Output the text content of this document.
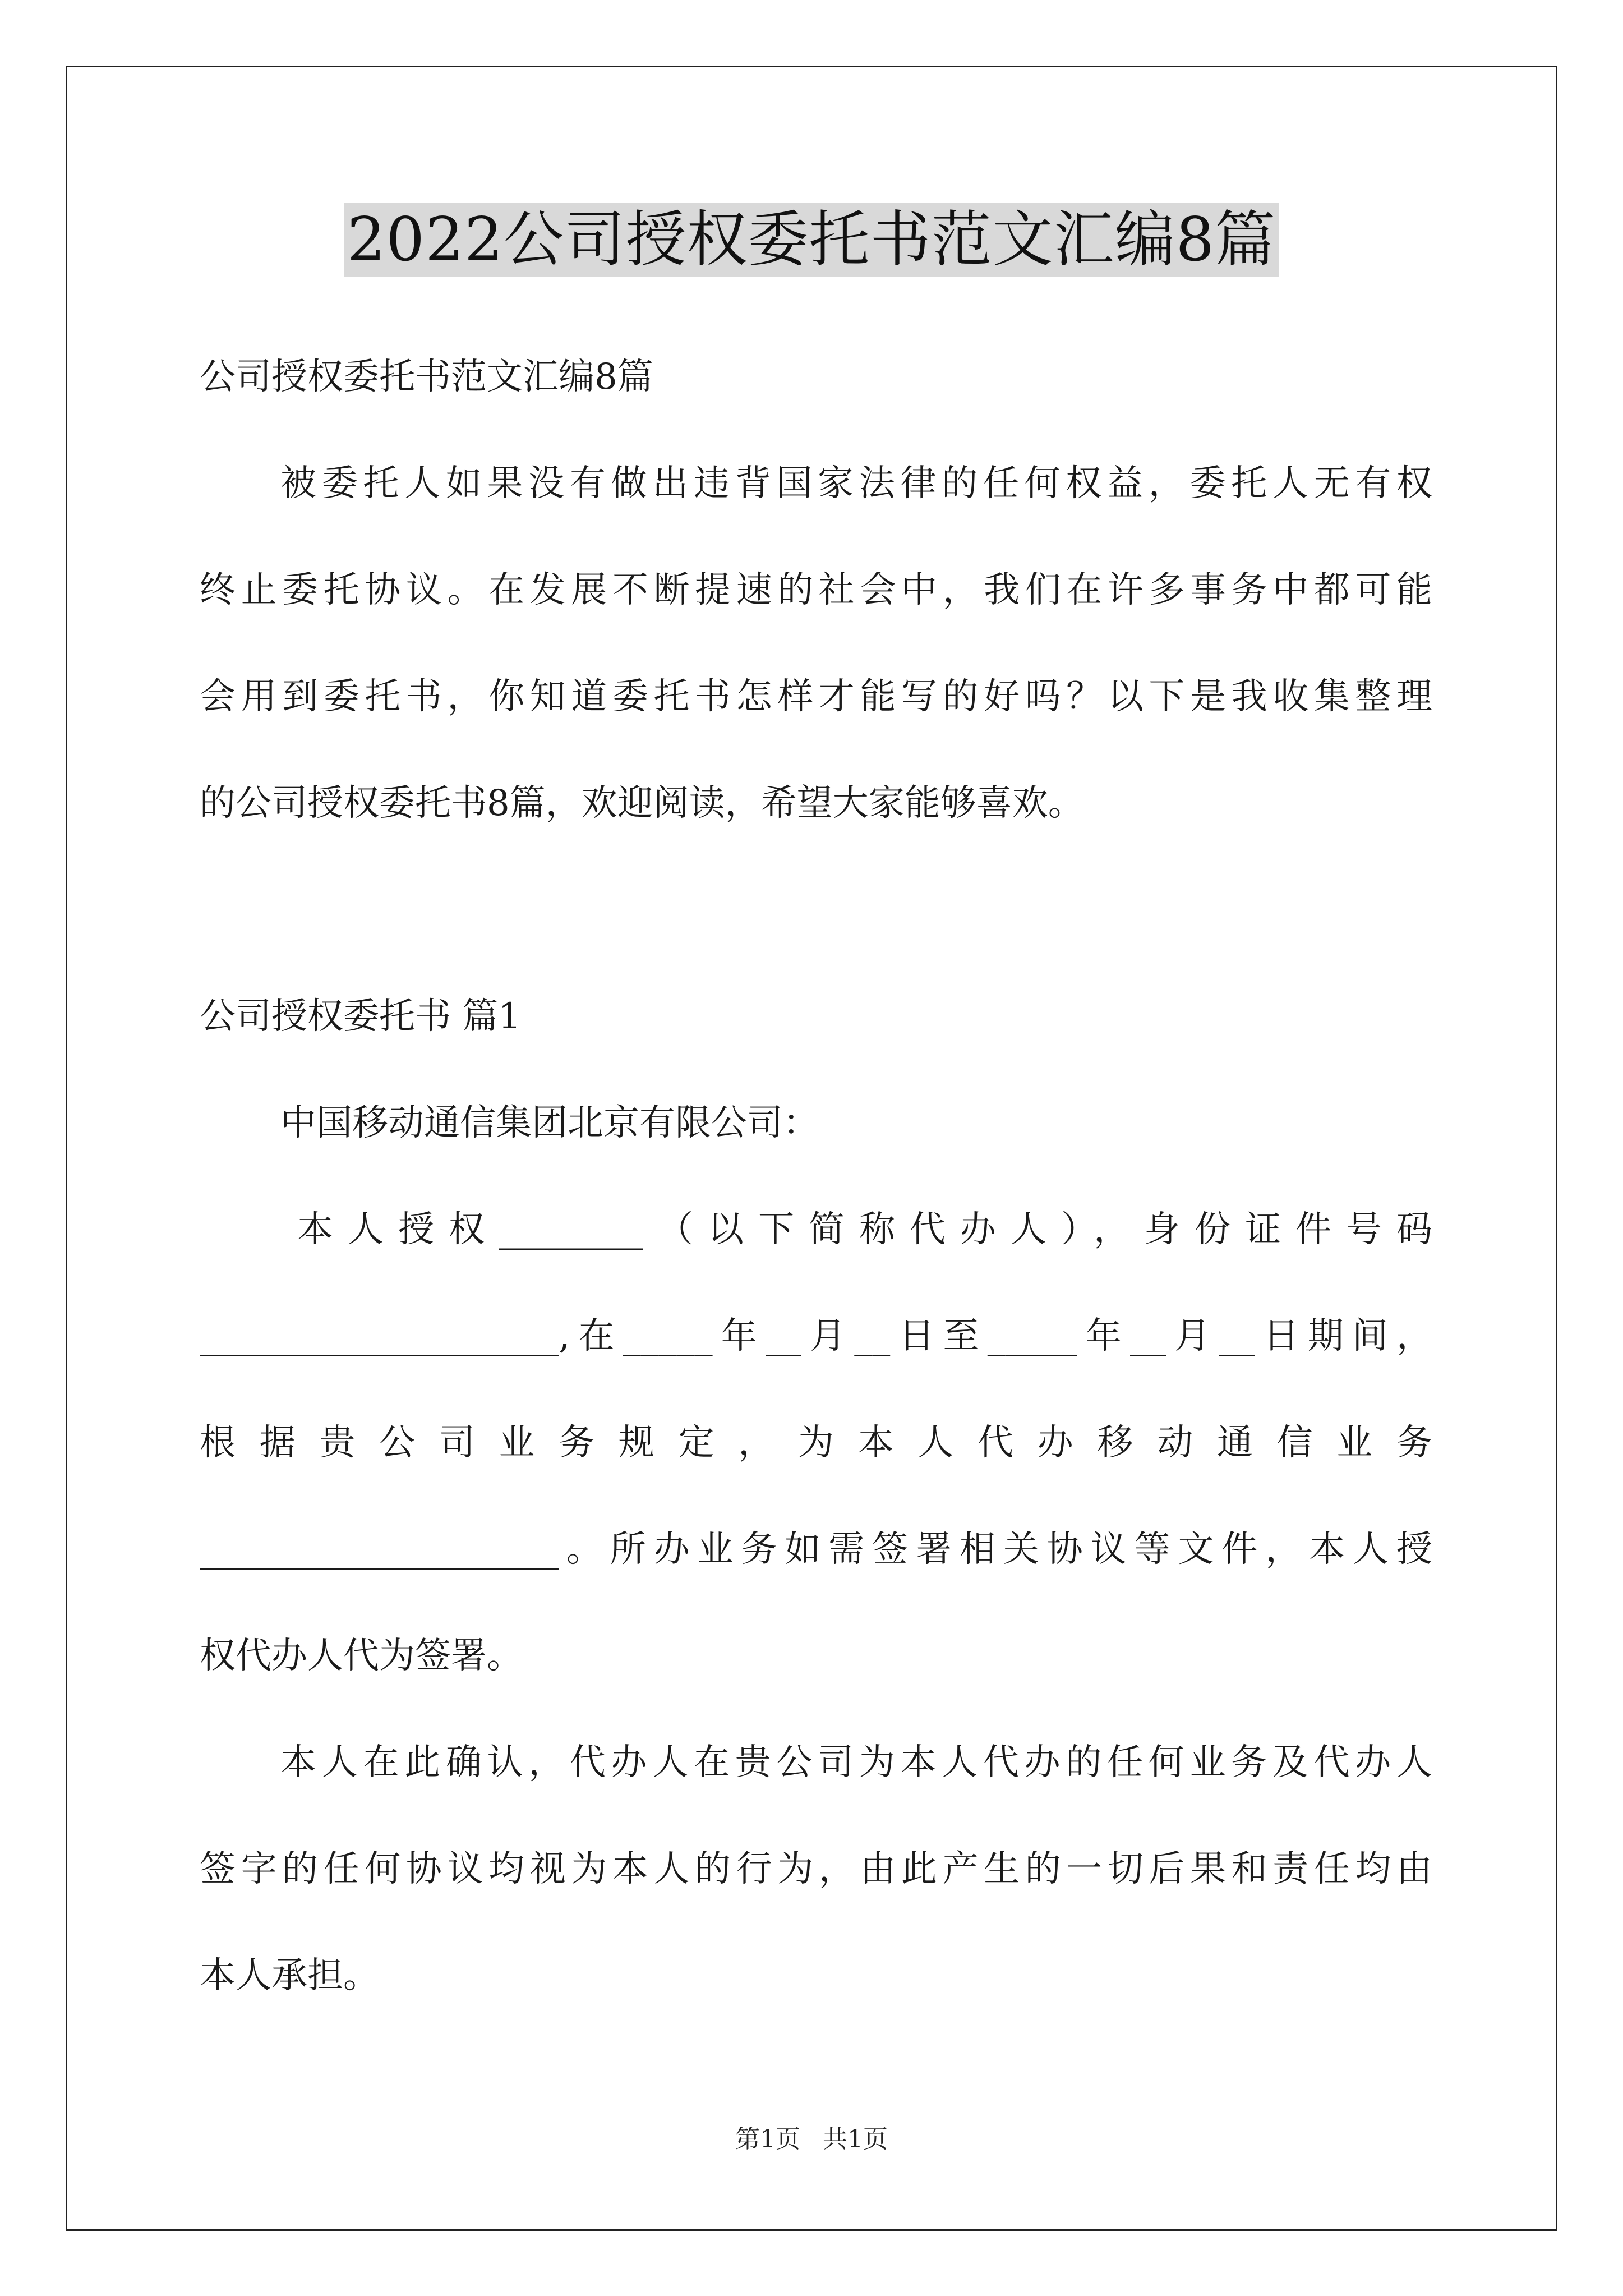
2022公司授权委托书范文汇编8篇
公司授权委托书范文汇编8篇
被委托人如果没有做出违背国家法律的任何权益，委托人无有权
终止委托协议。在发展不断提速的社会中，我们在许多事务中都可能
会用到委托书，你知道委托书怎样才能写的好吗？以下是我收集整理
的公司授权委托书8篇，欢迎阅读，希望大家能够喜欢。
公司授权委托书 篇1
中国移动通信集团北京有限公司：
本人授权________（以下简称代办人），身份证件号码
____________________,在_____年__月__日至_____年__月__日期间，
根据贵公司业务规定，为本人代办移动通信业务
____________________。所办业务如需签署相关协议等文件，本人授
权代办人代为签署。
本人在此确认，代办人在贵公司为本人代办的任何业务及代办人
签字的任何协议均视为本人的行为，由此产生的一切后果和责任均由
本人承担。
第1页 共1页
